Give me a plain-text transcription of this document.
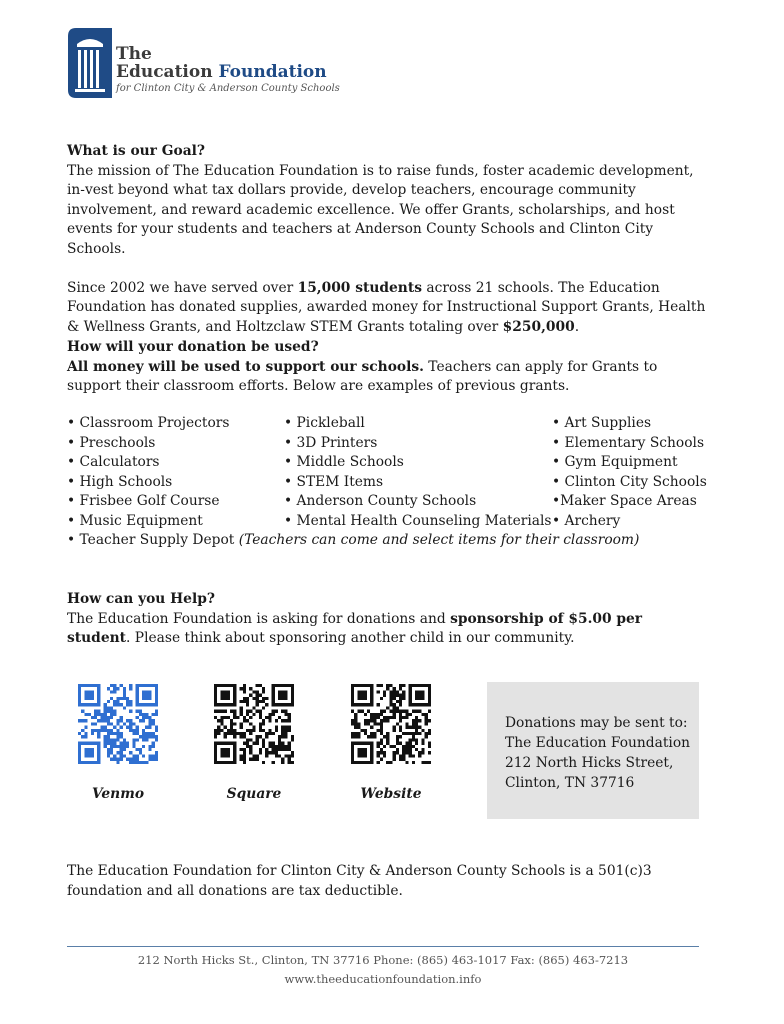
The
Education Foundation
for Clinton City & Anderson County Schools

What is our Goal?

The mission of The Education Foundation is to raise funds, foster academic development, in-vest beyond what tax dollars provide, develop teachers, encourage community involvement, and reward academic excellence. We offer Grants, scholarships, and host events for your students and teachers at Anderson County Schools and Clinton City Schools.

Since 2002 we have served over 15,000 students across 21 schools. The Education Foundation has donated supplies, awarded money for Instructional Support Grants, Health & Wellness Grants, and Holtzclaw STEM Grants totaling over $250,000.

How will your donation be used?

All money will be used to support our schools. Teachers can apply for Grants to support their classroom efforts. Below are examples of previous grants.

• Classroom Projectors
• Preschools
• Calculators
• High Schools
• Frisbee Golf Course
• Music Equipment
• Pickleball
• 3D Printers
• Middle Schools
• STEM Items
• Anderson County Schools
• Mental Health Counseling Materials
• Art Supplies
• Elementary Schools
• Gym Equipment
• Clinton City Schools
•Maker Space Areas
• Archery
• Teacher Supply Depot (Teachers can come and select items for their classroom)

How can you Help?

The Education Foundation is asking for donations and sponsorship of $5.00 per student. Please think about sponsoring another child in our community.

Venmo	Square	Website
Donations may be sent to:
The Education Foundation
212 North Hicks Street,
Clinton, TN 37716

The Education Foundation for Clinton City & Anderson County Schools is a 501(c)3 foundation and all donations are tax deductible.

212 North Hicks St., Clinton, TN 37716 Phone: (865) 463-1017 Fax: (865) 463-7213
www.theeducationfoundation.info
